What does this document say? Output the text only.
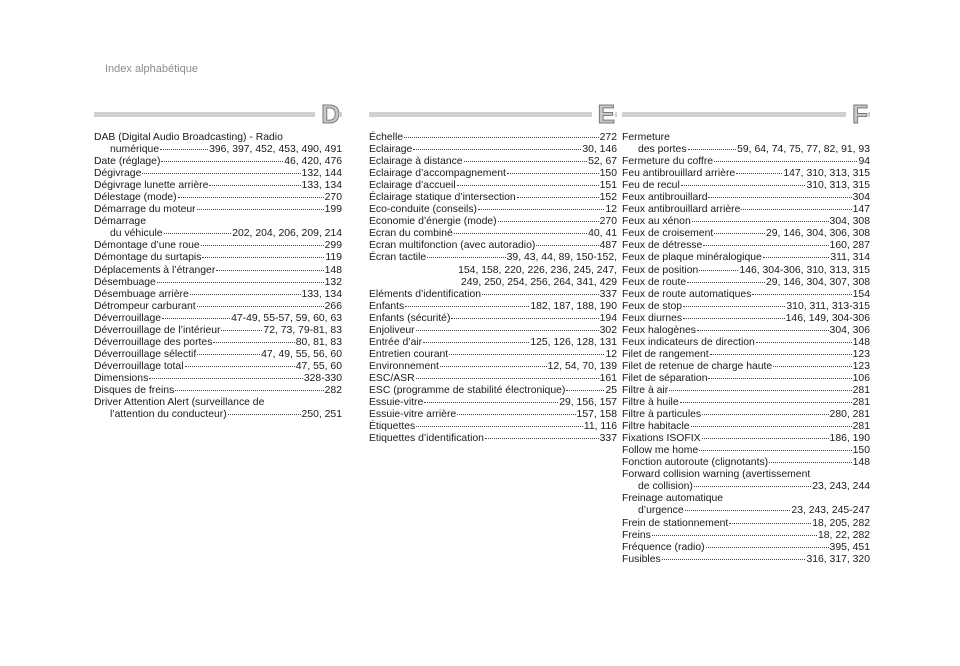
Index alphabétique
D
DAB (Digital Audio Broadcasting) - Radio
numérique	396, 397, 452, 453, 490, 491
Date (réglage)	46, 420, 476
Dégivrage	132, 144
Dégivrage lunette arrière	133, 134
Délestage (mode)	270
Démarrage du moteur	199
Démarrage
du véhicule	202, 204, 206, 209, 214
Démontage d’une roue	299
Démontage du surtapis	119
Déplacements à l’étranger	148
Désembuage	132
Désembuage arrière	133, 134
Détrompeur carburant	266
Déverrouillage	47-49, 55-57, 59, 60, 63
Déverrouillage de l’intérieur	72, 73, 79-81, 83
Déverrouillage des portes	80, 81, 83
Déverrouillage sélectif	47, 49, 55, 56, 60
Déverrouillage total	47, 55, 60
Dimensions	328-330
Disques de freins	282
Driver Attention Alert (surveillance de
l’attention du conducteur)	250, 251
E
Échelle	272
Eclairage	30, 146
Eclairage à distance	52, 67
Eclairage d’accompagnement	150
Eclairage d’accueil	151
Éclairage statique d’intersection	152
Eco-conduite (conseils)	12
Economie d’énergie (mode)	270
Ecran du combiné	40, 41
Ecran multifonction (avec autoradio)	487
Écran tactile	39, 43, 44, 89, 150-152,
154, 158, 220, 226, 236, 245, 247,
249, 250, 254, 256, 264, 341, 429
Eléments d’identification	337
Enfants	182, 187, 188, 190
Enfants (sécurité)	194
Enjoliveur	302
Entrée d’air	125, 126, 128, 131
Entretien courant	12
Environnement	12, 54, 70, 139
ESC/ASR	161
ESC (programme de stabilité électronique)	25
Essuie-vitre	29, 156, 157
Essuie-vitre arrière	157, 158
Étiquettes	11, 116
Etiquettes d’identification	337
F
Fermeture
des portes	59, 64, 74, 75, 77, 82, 91, 93
Fermeture du coffre	94
Feu antibrouillard arrière	147, 310, 313, 315
Feu de recul	310, 313, 315
Feux antibrouillard	304
Feux antibrouillard arrière	147
Feux au xénon	304, 308
Feux de croisement	29, 146, 304, 306, 308
Feux de détresse	160, 287
Feux de plaque minéralogique	311, 314
Feux de position	146, 304-306, 310, 313, 315
Feux de route	29, 146, 304, 307, 308
Feux de route automatiques	154
Feux de stop	310, 311, 313-315
Feux diurnes	146, 149, 304-306
Feux halogènes	304, 306
Feux indicateurs de direction	148
Filet de rangement	123
Filet de retenue de charge haute	123
Filet de séparation	106
Filtre à air	281
Filtre à huile	281
Filtre à particules	280, 281
Filtre habitacle	281
Fixations ISOFIX	186, 190
Follow me home	150
Fonction autoroute (clignotants)	148
Forward collision warning (avertissement
de collision)	23, 243, 244
Freinage automatique
d’urgence	23, 243, 245-247
Frein de stationnement	18, 205, 282
Freins	18, 22, 282
Fréquence (radio)	395, 451
Fusibles	316, 317, 320
